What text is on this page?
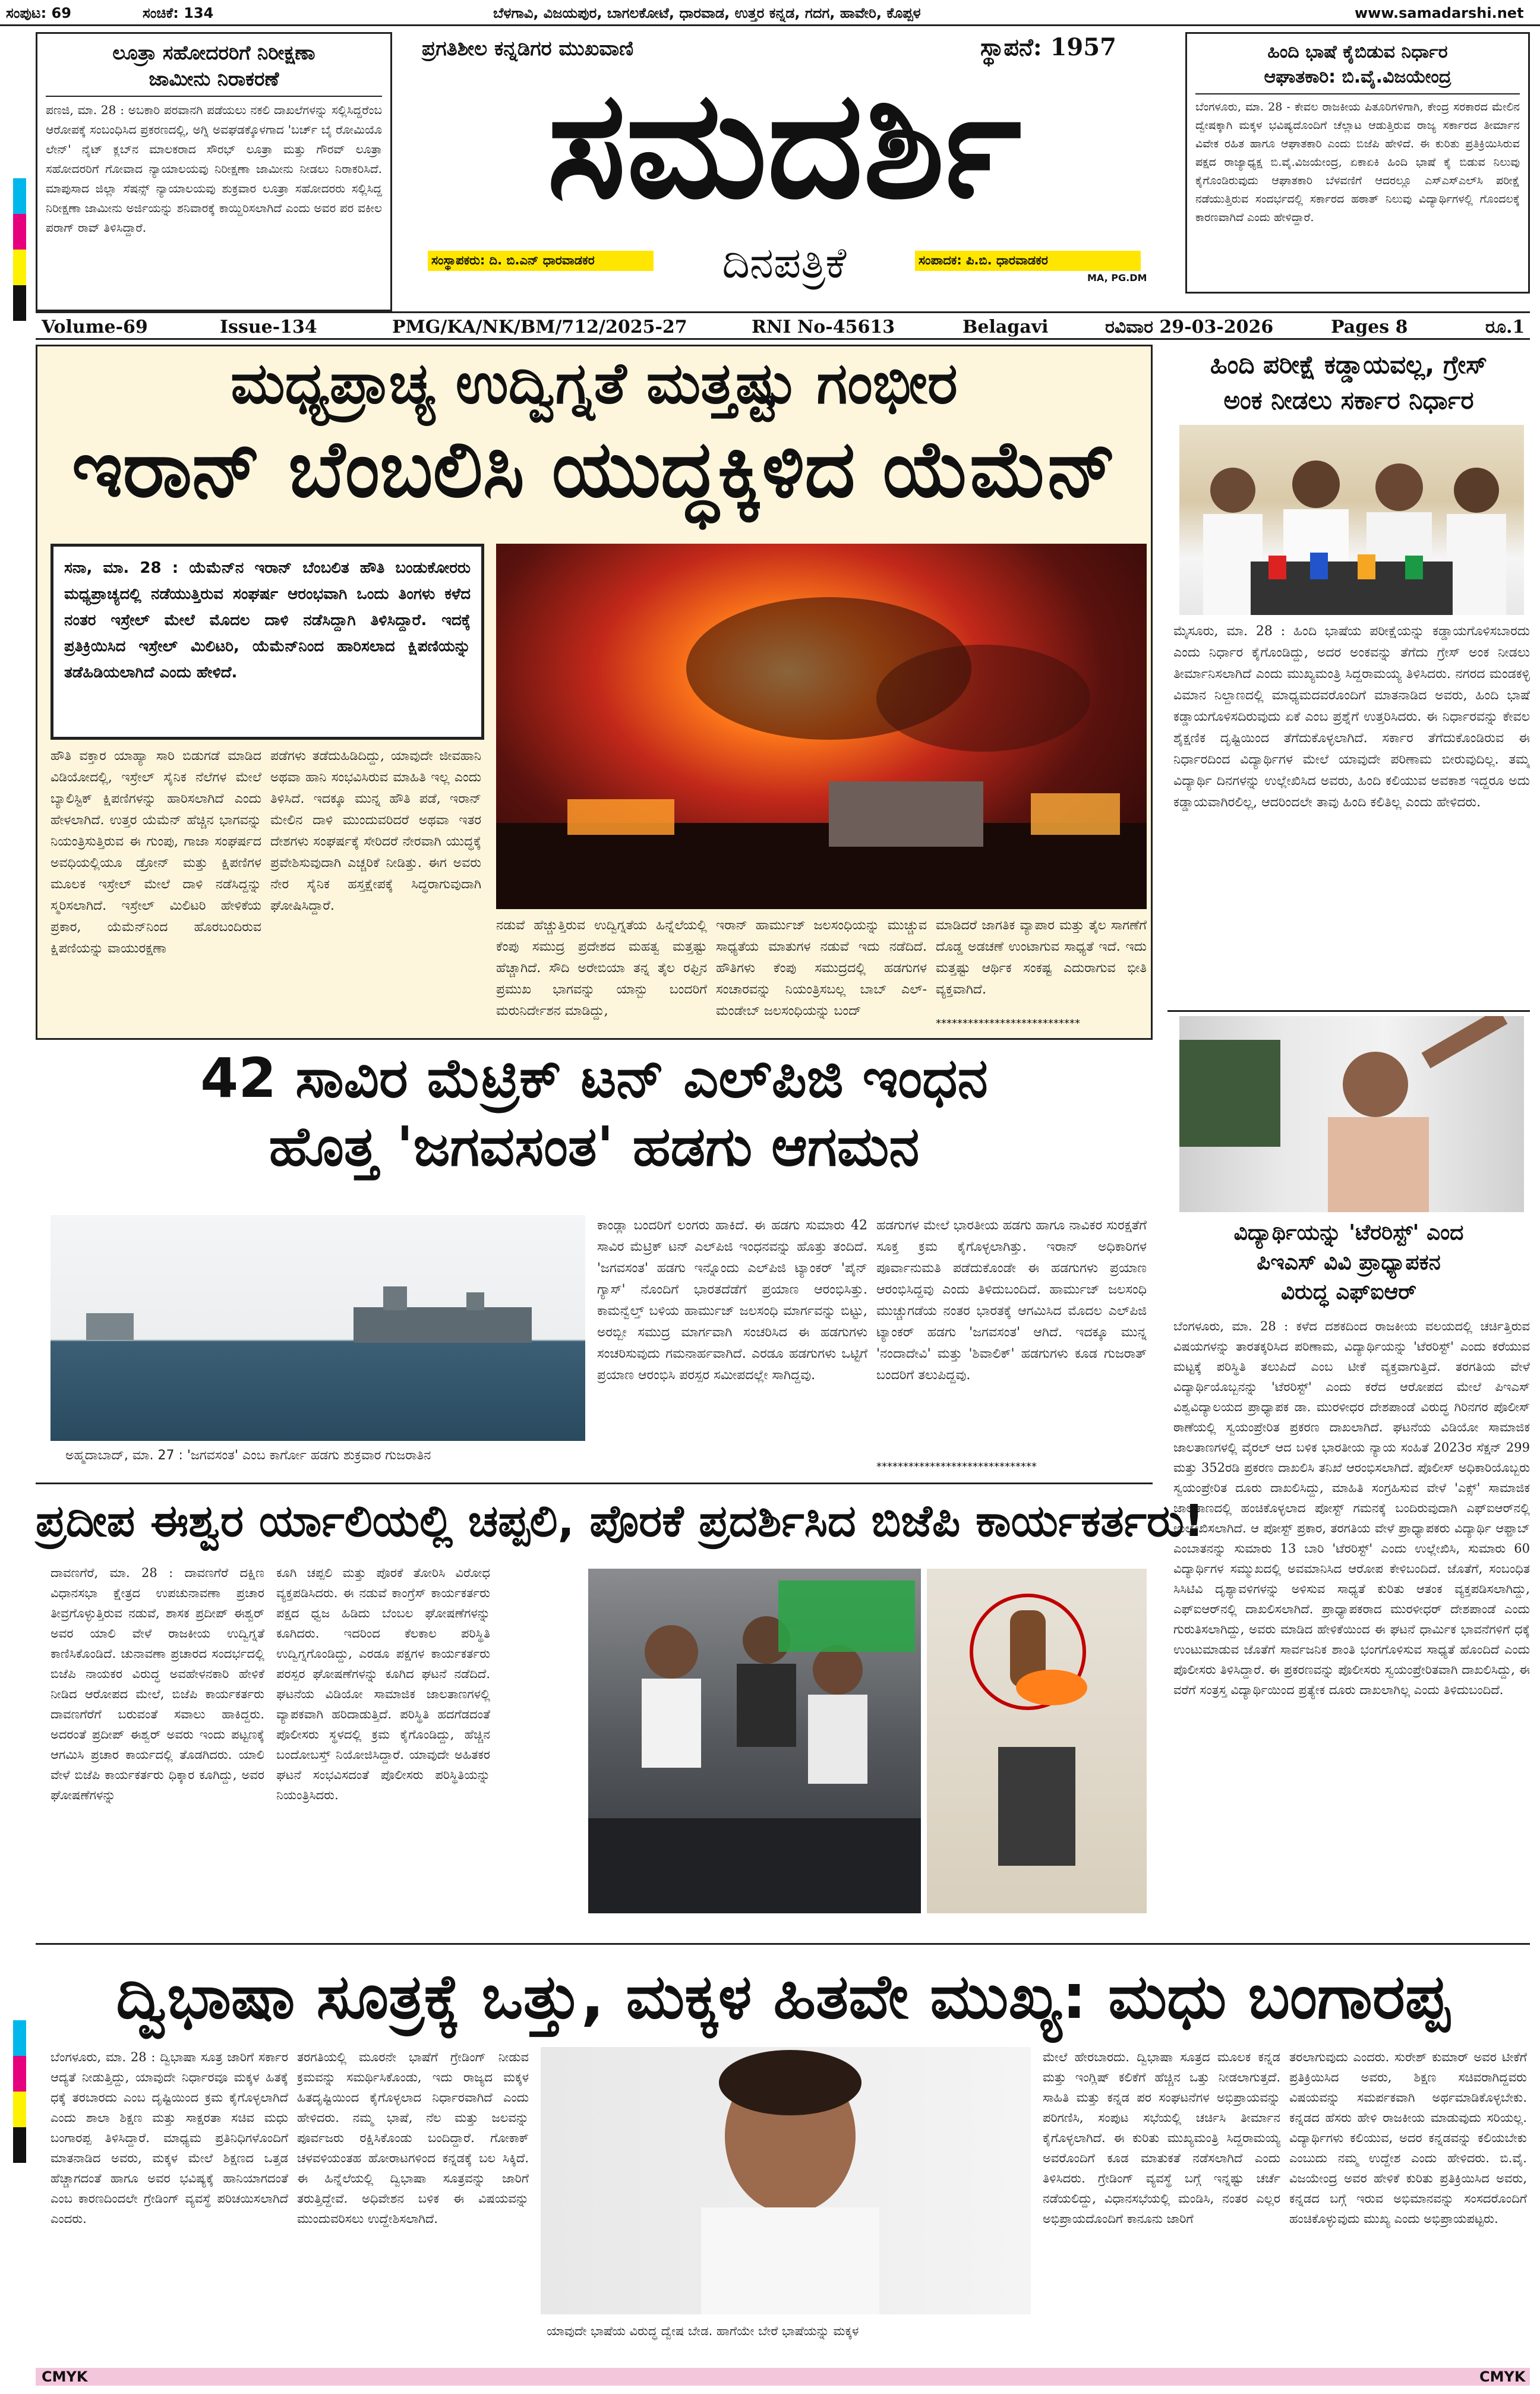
ಸಂಪುಟ: 69	ಸಂಚಿಕೆ: 134	ಬೆಳಗಾವಿ, ವಿಜಯಪುರ, ಬಾಗಲಕೋಟೆ, ಧಾರವಾಡ, ಉತ್ತರ ಕನ್ನಡ, ಗದಗ, ಹಾವೇರಿ, ಕೊಪ್ಪಳ	www.samadarshi.net
ಲೂತ್ರಾ ಸಹೋದರರಿಗೆ ನಿರೀಕ್ಷಣಾ
ಜಾಮೀನು ನಿರಾಕರಣೆ
ಪಣಜಿ, ಮಾ. 28 : ಅಬಕಾರಿ ಪರವಾನಗಿ ಪಡೆಯಲು ನಕಲಿ ದಾಖಲೆಗಳನ್ನು ಸಲ್ಲಿಸಿದ್ದರೆಂಬ ಆರೋಪಕ್ಕೆ ಸಂಬಂಧಿಸಿದ ಪ್ರಕರಣದಲ್ಲಿ, ಅಗ್ನಿ ಅವಘಡಕ್ಕೊಳಗಾದ 'ಬರ್ಚ್ ಬೈ ರೋಮಿಯೊ ಲೇನ್' ನೈಟ್ ಕ್ಲಬ್‌ನ ಮಾಲಕರಾದ ಸೌರಭ್ ಲೂತ್ರಾ ಮತ್ತು ಗೌರವ್ ಲೂತ್ರಾ ಸಹೋದರರಿಗೆ ಗೋವಾದ ನ್ಯಾಯಾಲಯವು ನಿರೀಕ್ಷಣಾ ಜಾಮೀನು ನೀಡಲು ನಿರಾಕರಿಸಿದೆ. ಮಾಪುಸಾದ ಜಿಲ್ಲಾ ಸೆಷನ್ಸ್ ನ್ಯಾಯಾಲಯವು ಶುಕ್ರವಾರ ಲೂತ್ರಾ ಸಹೋದರರು ಸಲ್ಲಿಸಿದ್ದ ನಿರೀಕ್ಷಣಾ ಜಾಮೀನು ಅರ್ಜಿಯನ್ನು ಶನಿವಾರಕ್ಕೆ ಕಾಯ್ದಿರಿಸಲಾಗಿದೆ ಎಂದು ಅವರ ಪರ ವಕೀಲ ಪರಾಗ್ ರಾವ್ ತಿಳಿಸಿದ್ದಾರೆ.
ಪ್ರಗತಿಶೀಲ ಕನ್ನಡಿಗರ ಮುಖವಾಣಿ	ಸ್ಥಾಪನೆ: 1957
ಸಮದರ್ಶಿ
ಸಂಸ್ಥಾಪಕರು: ದಿ. ಬಿ.ಎನ್ ಧಾರವಾಡಕರ	ದಿನಪತ್ರಿಕೆ	ಸಂಪಾದಕ: ಪಿ.ಬಿ. ಧಾರವಾಡಕರ
MA, PG.DM
ಹಿಂದಿ ಭಾಷೆ ಕೈಬಿಡುವ ನಿರ್ಧಾರ
ಆಘಾತಕಾರಿ: ಬಿ.ವೈ.ವಿಜಯೇಂದ್ರ
ಬೆಂಗಳೂರು, ಮಾ. 28 - ಕೇವಲ ರಾಜಕೀಯ ಪಿತೂರಿಗಳಿಗಾಗಿ, ಕೇಂದ್ರ ಸರಕಾರದ ಮೇಲಿನ ದ್ವೇಷಕ್ಕಾಗಿ ಮಕ್ಕಳ ಭವಿಷ್ಯದೊಂದಿಗೆ ಚೆಲ್ಲಾಟ ಆಡುತ್ತಿರುವ ರಾಜ್ಯ ಸರ್ಕಾರದ ತೀರ್ಮಾನ ವಿವೇಕ ರಹಿತ ಹಾಗೂ ಆಘಾತಕಾರಿ ಎಂದು ಬಿಜೆಪಿ ಹೇಳಿದೆ. ಈ ಕುರಿತು ಪ್ರತಿಕ್ರಿಯಿಸಿರುವ ಪಕ್ಷದ ರಾಜ್ಯಾಧ್ಯಕ್ಷ ಬಿ.ವೈ.ವಿಜಯೇಂದ್ರ, ಏಕಾಏಕಿ ಹಿಂದಿ ಭಾಷೆ ಕೈ ಬಿಡುವ ನಿಲುವು ಕೈಗೊಂಡಿರುವುದು ಆಘಾತಕಾರಿ ಬೆಳವಣಿಗೆ ಆದರಲ್ಲೂ ಎಸ್ಎಸ್ಎಲ್‌ಸಿ ಪರೀಕ್ಷೆ ನಡೆಯುತ್ತಿರುವ ಸಂದರ್ಭದಲ್ಲಿ ಸರ್ಕಾರದ ಹಠಾತ್ ನಿಲುವು ವಿದ್ಯಾರ್ಥಿಗಳಲ್ಲಿ ಗೊಂದಲಕ್ಕೆ ಕಾರಣವಾಗಿದೆ ಎಂದು ಹೇಳಿದ್ದಾರೆ.
Volume-69	Issue-134	PMG/KA/NK/BM/712/2025-27	RNI No-45613	Belagavi	ರವಿವಾರ 29-03-2026	Pages 8	ರೂ.1
ಮಧ್ಯಪ್ರಾಚ್ಯ ಉದ್ವಿಗ್ನತೆ ಮತ್ತಷ್ಟು ಗಂಭೀರ
ಇರಾನ್ ಬೆಂಬಲಿಸಿ ಯುದ್ಧಕ್ಕಿಳಿದ ಯೆಮೆನ್
ಸನಾ, ಮಾ. 28 : ಯೆಮೆನ್‌ನ ಇರಾನ್ ಬೆಂಬಲಿತ ಹೌತಿ ಬಂಡುಕೋರರು ಮಧ್ಯಪ್ರಾಚ್ಯದಲ್ಲಿ ನಡೆಯುತ್ತಿರುವ ಸಂಘರ್ಷ ಆರಂಭವಾಗಿ ಒಂದು ತಿಂಗಳು ಕಳೆದ ನಂತರ ಇಸ್ರೇಲ್ ಮೇಲೆ ಮೊದಲ ದಾಳಿ ನಡೆಸಿದ್ದಾಗಿ ತಿಳಿಸಿದ್ದಾರೆ. ಇದಕ್ಕೆ ಪ್ರತಿಕ್ರಿಯಿಸಿದ ಇಸ್ರೇಲ್ ಮಿಲಿಟರಿ, ಯೆಮೆನ್‌ನಿಂದ ಹಾರಿಸಲಾದ ಕ್ಷಿಪಣಿಯನ್ನು ತಡೆಹಿಡಿಯಲಾಗಿದೆ ಎಂದು ಹೇಳಿದೆ.
ಹೌತಿ ವಕ್ತಾರ ಯಾಹ್ಯಾ ಸಾರಿ ಬಿಡುಗಡೆ ಮಾಡಿದ ವಿಡಿಯೋದಲ್ಲಿ, ಇಸ್ರೇಲ್ ಸೈನಿಕ ನೆಲೆಗಳ ಮೇಲೆ ಬ್ಯಾಲಿಸ್ಟಿಕ್ ಕ್ಷಿಪಣಿಗಳನ್ನು ಹಾರಿಸಲಾಗಿದೆ ಎಂದು ಹೇಳಲಾಗಿದೆ. ಉತ್ತರ ಯೆಮೆನ್ ಹೆಚ್ಚಿನ ಭಾಗವನ್ನು ನಿಯಂತ್ರಿಸುತ್ತಿರುವ ಈ ಗುಂಪು, ಗಾಜಾ ಸಂಘರ್ಷದ ಅವಧಿಯಲ್ಲಿಯೂ ಡ್ರೋನ್ ಮತ್ತು ಕ್ಷಿಪಣಿಗಳ ಮೂಲಕ ಇಸ್ರೇಲ್ ಮೇಲೆ ದಾಳಿ ನಡೆಸಿದ್ದನ್ನು ಸ್ಮರಿಸಲಾಗಿದೆ. ಇಸ್ರೇಲ್ ಮಿಲಿಟರಿ ಹೇಳಿಕೆಯ ಪ್ರಕಾರ, ಯೆಮೆನ್‌ನಿಂದ ಹೊರಬಂದಿರುವ ಕ್ಷಿಪಣಿಯನ್ನು ವಾಯುರಕ್ಷಣಾ
ಪಡೆಗಳು ತಡೆದುಹಿಡಿದಿದ್ದು, ಯಾವುದೇ ಜೀವಹಾನಿ ಅಥವಾ ಹಾನಿ ಸಂಭವಿಸಿರುವ ಮಾಹಿತಿ ಇಲ್ಲ ಎಂದು ತಿಳಿಸಿದೆ. ಇದಕ್ಕೂ ಮುನ್ನ ಹೌತಿ ಪಡೆ, ಇರಾನ್ ಮೇಲಿನ ದಾಳಿ ಮುಂದುವರಿದರೆ ಅಥವಾ ಇತರ ದೇಶಗಳು ಸಂಘರ್ಷಕ್ಕೆ ಸೇರಿದರೆ ನೇರವಾಗಿ ಯುದ್ಧಕ್ಕೆ ಪ್ರವೇಶಿಸುವುದಾಗಿ ಎಚ್ಚರಿಕೆ ನೀಡಿತ್ತು. ಈಗ ಅವರು ನೇರ ಸೈನಿಕ ಹಸ್ತಕ್ಷೇಪಕ್ಕೆ ಸಿದ್ಧರಾಗುವುದಾಗಿ ಘೋಷಿಸಿದ್ದಾರೆ.
ನಡುವೆ ಹೆಚ್ಚುತ್ತಿರುವ ಉದ್ವಿಗ್ನತೆಯ ಹಿನ್ನೆಲೆಯಲ್ಲಿ ಕೆಂಪು ಸಮುದ್ರ ಪ್ರದೇಶದ ಮಹತ್ವ ಮತ್ತಷ್ಟು ಹೆಚ್ಚಾಗಿದೆ. ಸೌದಿ ಅರೇಬಿಯಾ ತನ್ನ ತೈಲ ರಫ್ತಿನ ಪ್ರಮುಖ ಭಾಗವನ್ನು ಯಾನ್ಬು ಬಂದರಿಗೆ ಮರುನಿರ್ದೇಶನ ಮಾಡಿದ್ದು,
ಇರಾನ್ ಹಾರ್ಮುಜ್ ಜಲಸಂಧಿಯನ್ನು ಮುಚ್ಚುವ ಸಾಧ್ಯತೆಯ ಮಾತುಗಳ ನಡುವೆ ಇದು ನಡೆದಿದೆ. ಹೌತಿಗಳು ಕೆಂಪು ಸಮುದ್ರದಲ್ಲಿ ಹಡಗುಗಳ ಸಂಚಾರವನ್ನು ನಿಯಂತ್ರಿಸಬಲ್ಲ ಬಾಬ್ ಎಲ್-ಮಂಡೇಬ್ ಜಲಸಂಧಿಯನ್ನು ಬಂದ್
ಮಾಡಿದರೆ ಜಾಗತಿಕ ವ್ಯಾಪಾರ ಮತ್ತು ತೈಲ ಸಾಗಣೆಗೆ ದೊಡ್ಡ ಅಡಚಣೆ ಉಂಟಾಗುವ ಸಾಧ್ಯತೆ ಇದೆ. ಇದು ಮತ್ತಷ್ಟು ಆರ್ಥಿಕ ಸಂಕಷ್ಟ ಎದುರಾಗುವ ಭೀತಿ ವ್ಯಕ್ತವಾಗಿದೆ.
***************************
ಹಿಂದಿ ಪರೀಕ್ಷೆ ಕಡ್ಡಾಯವಲ್ಲ, ಗ್ರೇಸ್
ಅಂಕ ನೀಡಲು ಸರ್ಕಾರ ನಿರ್ಧಾರ
ಮೈಸೂರು, ಮಾ. 28 : ಹಿಂದಿ ಭಾಷೆಯ ಪರೀಕ್ಷೆಯನ್ನು ಕಡ್ಡಾಯಗೊಳಿಸಬಾರದು ಎಂದು ನಿರ್ಧಾರ ಕೈಗೊಂಡಿದ್ದು, ಅದರ ಅಂಕವನ್ನು ತೆಗೆದು ಗ್ರೇಸ್ ಅಂಕ ನೀಡಲು ತೀರ್ಮಾನಿಸಲಾಗಿದೆ ಎಂದು ಮುಖ್ಯಮಂತ್ರಿ ಸಿದ್ದರಾಮಯ್ಯ ತಿಳಿಸಿದರು. ನಗರದ ಮಂಡಕಳ್ಳಿ ವಿಮಾನ ನಿಲ್ದಾಣದಲ್ಲಿ ಮಾಧ್ಯಮದವರೊಂದಿಗೆ ಮಾತನಾಡಿದ ಅವರು, ಹಿಂದಿ ಭಾಷೆ ಕಡ್ಡಾಯಗೊಳಿಸದಿರುವುದು ಏಕೆ ಎಂಬ ಪ್ರಶ್ನೆಗೆ ಉತ್ತರಿಸಿದರು. ಈ ನಿರ್ಧಾರವನ್ನು ಕೇವಲ ಶೈಕ್ಷಣಿಕ ದೃಷ್ಟಿಯಿಂದ ತೆಗೆದುಕೊಳ್ಳಲಾಗಿದೆ. ಸರ್ಕಾರ ತೆಗೆದುಕೊಂಡಿರುವ ಈ ನಿರ್ಧಾರದಿಂದ ವಿದ್ಯಾರ್ಥಿಗಳ ಮೇಲೆ ಯಾವುದೇ ಪರಿಣಾಮ ಬೀರುವುದಿಲ್ಲ. ತಮ್ಮ ವಿದ್ಯಾರ್ಥಿ ದಿನಗಳನ್ನು ಉಲ್ಲೇಖಿಸಿದ ಅವರು, ಹಿಂದಿ ಕಲಿಯುವ ಅವಕಾಶ ಇದ್ದರೂ ಅದು ಕಡ್ಡಾಯವಾಗಿರಲಿಲ್ಲ, ಆದರಿಂದಲೇ ತಾವು ಹಿಂದಿ ಕಲಿತಿಲ್ಲ ಎಂದು ಹೇಳಿದರು.
ವಿದ್ಯಾರ್ಥಿಯನ್ನು 'ಟೆರರಿಸ್ಟ್' ಎಂದ
ಪಿಇಎಸ್ ವಿವಿ ಪ್ರಾಧ್ಯಾಪಕನ
ವಿರುದ್ಧ ಎಫ್‌ಐಆರ್
ಬೆಂಗಳೂರು, ಮಾ. 28 : ಕಳೆದ ದಶಕದಿಂದ ರಾಜಕೀಯ ವಲಯದಲ್ಲಿ ಚರ್ಚಿತ್ತಿರುವ ವಿಷಯಗಳನ್ನು ತಾರತಕ್ಕರಿಸಿದ ಪರಿಣಾಮ, ವಿದ್ಯಾರ್ಥಿಯನ್ನು 'ಟೆರರಿಸ್ಟ್' ಎಂದು ಕರೆಯುವ ಮಟ್ಟಕ್ಕೆ ಪರಿಸ್ಥಿತಿ ತಲುಪಿದೆ ಎಂಬ ಟೀಕೆ ವ್ಯಕ್ತವಾಗುತ್ತಿದೆ. ತರಗತಿಯ ವೇಳೆ ವಿದ್ಯಾರ್ಥಿಯೊಬ್ಬನನ್ನು 'ಟೆರರಿಸ್ಟ್' ಎಂದು ಕರೆದ ಆರೋಪದ ಮೇಲೆ ಪಿಇಎಸ್ ವಿಶ್ವವಿದ್ಯಾಲಯದ ಪ್ರಾಧ್ಯಾಪಕ ಡಾ. ಮುರಳೀಧರ ದೇಶಪಾಂಡೆ ವಿರುದ್ಧ ಗಿರಿನಗರ ಪೊಲೀಸ್ ಠಾಣೆಯಲ್ಲಿ ಸ್ವಯಂಪ್ರೇರಿತ ಪ್ರಕರಣ ದಾಖಲಾಗಿದೆ. ಘಟನೆಯ ವಿಡಿಯೋ ಸಾಮಾಜಿಕ ಜಾಲತಾಣಗಳಲ್ಲಿ ವೈರಲ್ ಆದ ಬಳಿಕ ಭಾರತೀಯ ನ್ಯಾಯ ಸಂಹಿತೆ 2023ರ ಸೆಕ್ಷನ್ 299 ಮತ್ತು 352ರಡಿ ಪ್ರಕರಣ ದಾಖಲಿಸಿ ತನಿಖೆ ಆರಂಭಿಸಲಾಗಿದೆ. ಪೊಲೀಸ್ ಅಧಿಕಾರಿಯೊಬ್ಬರು ಸ್ವಯಂಪ್ರೇರಿತ ದೂರು ದಾಖಲಿಸಿದ್ದು, ಮಾಹಿತಿ ಸಂಗ್ರಹಿಸುವ ವೇಳೆ 'ಎಕ್ಸ್' ಸಾಮಾಜಿಕ ಜಾಲತಾಣದಲ್ಲಿ ಹಂಚಿಕೊಳ್ಳಲಾದ ಪೋಸ್ಟ್ ಗಮನಕ್ಕೆ ಬಂದಿರುವುದಾಗಿ ಎಫ್‌ಐಆರ್‌ನಲ್ಲಿ ಉಲ್ಲೇಖಿಸಲಾಗಿದೆ. ಆ ಪೋಸ್ಟ್ ಪ್ರಕಾರ, ತರಗತಿಯ ವೇಳೆ ಪ್ರಾಧ್ಯಾಪಕರು ವಿದ್ಯಾರ್ಥಿ ಆಫ್ತಾಬ್ ಎಂಬಾತನನ್ನು ಸುಮಾರು 13 ಬಾರಿ 'ಟೆರರಿಸ್ಟ್' ಎಂದು ಉಲ್ಲೇಖಿಸಿ, ಸುಮಾರು 60 ವಿದ್ಯಾರ್ಥಿಗಳ ಸಮ್ಮುಖದಲ್ಲಿ ಅವಮಾನಿಸಿದ ಆರೋಪ ಕೇಳಿಬಂದಿದೆ. ಜೊತೆಗೆ, ಸಂಬಂಧಿತ ಸಿಸಿಟಿವಿ ದೃಶ್ಯಾವಳಿಗಳನ್ನು ಅಳಿಸುವ ಸಾಧ್ಯತೆ ಕುರಿತು ಆತಂಕ ವ್ಯಕ್ತಪಡಿಸಲಾಗಿದ್ದು, ಎಫ್‌ಐಆರ್‌ನಲ್ಲಿ ದಾಖಲಿಸಲಾಗಿದೆ. ಪ್ರಾಧ್ಯಾಪಕರಾದ ಮುರಳೀಧರ್ ದೇಶಪಾಂಡೆ ಎಂದು ಗುರುತಿಸಲಾಗಿದ್ದು, ಅವರು ಮಾಡಿದ ಹೇಳಿಕೆಯಿಂದ ಈ ಘಟನೆ ಧಾರ್ಮಿಕ ಭಾವನೆಗಳಿಗೆ ಧಕ್ಕೆ ಉಂಟುಮಾಡುವ ಜೊತೆಗೆ ಸಾರ್ವಜನಿಕ ಶಾಂತಿ ಭಂಗಗೊಳಿಸುವ ಸಾಧ್ಯತೆ ಹೊಂದಿದೆ ಎಂದು ಪೊಲೀಸರು ತಿಳಿಸಿದ್ದಾರೆ. ಈ ಪ್ರಕರಣವನ್ನು ಪೊಲೀಸರು ಸ್ವಯಂಪ್ರೇರಿತವಾಗಿ ದಾಖಲಿಸಿದ್ದು, ಈ ವರೆಗೆ ಸಂತ್ರಸ್ತ ವಿದ್ಯಾರ್ಥಿಯಿಂದ ಪ್ರತ್ಯೇಕ ದೂರು ದಾಖಲಾಗಿಲ್ಲ ಎಂದು ತಿಳಿದುಬಂದಿದೆ.
42 ಸಾವಿರ ಮೆಟ್ರಿಕ್ ಟನ್ ಎಲ್‌ಪಿಜಿ ಇಂಧನ
ಹೊತ್ತ 'ಜಗವಸಂತ' ಹಡಗು ಆಗಮನ
ಅಹ್ಮದಾಬಾದ್, ಮಾ. 27 : 'ಜಗವಸಂತ' ಎಂಬ ಕಾರ್ಗೋ ಹಡಗು ಶುಕ್ರವಾರ ಗುಜರಾತಿನ
ಕಾಂಡ್ಲಾ ಬಂದರಿಗೆ ಲಂಗರು ಹಾಕಿದೆ. ಈ ಹಡಗು ಸುಮಾರು 42 ಸಾವಿರ ಮೆಟ್ರಿಕ್ ಟನ್ ಎಲ್‌ಪಿಜಿ ಇಂಧನವನ್ನು ಹೊತ್ತು ತಂದಿದೆ. 'ಜಗವಸಂತ' ಹಡಗು ಇನ್ನೊಂದು ಎಲ್‌ಪಿಜಿ ಟ್ಯಾಂಕರ್ 'ಪೈನ್ ಗ್ಯಾಸ್' ನೊಂದಿಗೆ ಭಾರತದೆಡೆಗೆ ಪ್ರಯಾಣ ಆರಂಭಿಸಿತ್ತು. ಕಾಮನ್ವೆಲ್ತ್ ಬಳಿಯ ಹಾರ್ಮುಜ್ ಜಲಸಂಧಿ ಮಾರ್ಗವನ್ನು ಬಿಟ್ಟು, ಅರಬ್ಬೀ ಸಮುದ್ರ ಮಾರ್ಗವಾಗಿ ಸಂಚರಿಸಿದ ಈ ಹಡಗುಗಳು ಸಂಚರಿಸುವುದು ಗಮನಾರ್ಹವಾಗಿದೆ. ಎರಡೂ ಹಡಗುಗಳು ಒಟ್ಟಿಗೆ ಪ್ರಯಾಣ ಆರಂಭಿಸಿ ಪರಸ್ಪರ ಸಮೀಪದಲ್ಲೇ ಸಾಗಿದ್ದವು.
ಹಡಗುಗಳ ಮೇಲೆ ಭಾರತೀಯ ಹಡಗು ಹಾಗೂ ನಾವಿಕರ ಸುರಕ್ಷತೆಗೆ ಸೂಕ್ತ ಕ್ರಮ ಕೈಗೊಳ್ಳಲಾಗಿತ್ತು. ಇರಾನ್ ಅಧಿಕಾರಿಗಳ ಪೂರ್ವಾನುಮತಿ ಪಡೆದುಕೊಂಡೇ ಈ ಹಡಗುಗಳು ಪ್ರಯಾಣ ಆರಂಭಿಸಿದ್ದವು ಎಂದು ತಿಳಿದುಬಂದಿದೆ. ಹಾರ್ಮುಜ್ ಜಲಸಂಧಿ ಮುಚ್ಚುಗಡೆಯ ನಂತರ ಭಾರತಕ್ಕೆ ಆಗಮಿಸಿದ ಮೊದಲ ಎಲ್‌ಪಿಜಿ ಟ್ಯಾಂಕರ್ ಹಡಗು 'ಜಗವಸಂತ' ಆಗಿದೆ. ಇದಕ್ಕೂ ಮುನ್ನ 'ನಂದಾದೇವಿ' ಮತ್ತು 'ಶಿವಾಲಿಕ್' ಹಡಗುಗಳು ಕೂಡ ಗುಜರಾತ್ ಬಂದರಿಗೆ ತಲುಪಿದ್ದವು.
******************************
ಪ್ರದೀಪ ಈಶ್ವರ ರ್ಯಾಲಿಯಲ್ಲಿ ಚಪ್ಪಲಿ, ಪೊರಕೆ ಪ್ರದರ್ಶಿಸಿದ ಬಿಜೆಪಿ ಕಾರ್ಯಕರ್ತರು!
ದಾವಣಗೆರೆ, ಮಾ. 28 : ದಾವಣಗೆರೆ ದಕ್ಷಿಣ ವಿಧಾನಸಭಾ ಕ್ಷೇತ್ರದ ಉಪಚುನಾವಣಾ ಪ್ರಚಾರ ತೀವ್ರಗೊಳ್ಳುತ್ತಿರುವ ನಡುವೆ, ಶಾಸಕ ಪ್ರದೀಪ್ ಈಶ್ವರ್ ಅವರ ಯಾಲಿ ವೇಳೆ ರಾಜಕೀಯ ಉದ್ವಿಗ್ನತೆ ಕಾಣಿಸಿಕೊಂಡಿದೆ. ಚುನಾವಣಾ ಪ್ರಚಾರದ ಸಂದರ್ಭದಲ್ಲಿ ಬಿಜೆಪಿ ನಾಯಕರ ವಿರುದ್ಧ ಅವಹೇಳನಕಾರಿ ಹೇಳಿಕೆ ನೀಡಿದ ಆರೋಪದ ಮೇಲೆ, ಬಿಜೆಪಿ ಕಾರ್ಯಕರ್ತರು ದಾವಣಗೆರೆಗೆ ಬರುವಂತೆ ಸವಾಲು ಹಾಕಿದ್ದರು. ಅದರಂತೆ ಪ್ರದೀಪ್ ಈಶ್ವರ್ ಅವರು ಇಂದು ಪಟ್ಟಣಕ್ಕೆ ಆಗಮಿಸಿ ಪ್ರಚಾರ ಕಾರ್ಯದಲ್ಲಿ ತೊಡಗಿದರು. ಯಾಲಿ ವೇಳೆ ಬಿಜೆಪಿ ಕಾರ್ಯಕರ್ತರು ಧಿಕ್ಕಾರ ಕೂಗಿದ್ದು, ಅವರ ಘೋಷಣೆಗಳನ್ನು
ಕೂಗಿ ಚಪ್ಪಲಿ ಮತ್ತು ಪೊರಕೆ ತೋರಿಸಿ ವಿರೋಧ ವ್ಯಕ್ತಪಡಿಸಿದರು. ಈ ನಡುವೆ ಕಾಂಗ್ರೆಸ್ ಕಾರ್ಯಕರ್ತರು ಪಕ್ಷದ ಧ್ವಜ ಹಿಡಿದು ಬೆಂಬಲ ಘೋಷಣೆಗಳನ್ನು ಕೂಗಿದರು. ಇದರಿಂದ ಕೆಲಕಾಲ ಪರಿಸ್ಥಿತಿ ಉದ್ವಿಗ್ನಗೊಂಡಿದ್ದು, ಎರಡೂ ಪಕ್ಷಗಳ ಕಾರ್ಯಕರ್ತರು ಪರಸ್ಪರ ಘೋಷಣೆಗಳನ್ನು ಕೂಗಿದ ಘಟನೆ ನಡೆದಿದೆ. ಘಟನೆಯ ವಿಡಿಯೋ ಸಾಮಾಜಿಕ ಜಾಲತಾಣಗಳಲ್ಲಿ ವ್ಯಾಪಕವಾಗಿ ಹರಿದಾಡುತ್ತಿದೆ. ಪರಿಸ್ಥಿತಿ ಹದಗೆಡದಂತೆ ಪೊಲೀಸರು ಸ್ಥಳದಲ್ಲಿ ಕ್ರಮ ಕೈಗೊಂಡಿದ್ದು, ಹೆಚ್ಚಿನ ಬಂದೋಬಸ್ತ್ ನಿಯೋಜಿಸಿದ್ದಾರೆ. ಯಾವುದೇ ಅಹಿತಕರ ಘಟನೆ ಸಂಭವಿಸದಂತೆ ಪೊಲೀಸರು ಪರಿಸ್ಥಿತಿಯನ್ನು ನಿಯಂತ್ರಿಸಿದರು.
ದ್ವಿಭಾಷಾ ಸೂತ್ರಕ್ಕೆ ಒತ್ತು, ಮಕ್ಕಳ ಹಿತವೇ ಮುಖ್ಯ: ಮಧು ಬಂಗಾರಪ್ಪ
ಬೆಂಗಳೂರು, ಮಾ. 28 : ದ್ವಿಭಾಷಾ ಸೂತ್ರ ಜಾರಿಗೆ ಸರ್ಕಾರ ಆದ್ಯತೆ ನೀಡುತ್ತಿದ್ದು, ಯಾವುದೇ ನಿರ್ಧಾರವೂ ಮಕ್ಕಳ ಹಿತಕ್ಕೆ ಧಕ್ಕೆ ತರಬಾರದು ಎಂಬ ದೃಷ್ಟಿಯಿಂದ ಕ್ರಮ ಕೈಗೊಳ್ಳಲಾಗಿದೆ ಎಂದು ಶಾಲಾ ಶಿಕ್ಷಣ ಮತ್ತು ಸಾಕ್ಷರತಾ ಸಚಿವ ಮಧು ಬಂಗಾರಪ್ಪ ತಿಳಿಸಿದ್ದಾರೆ. ಮಾಧ್ಯಮ ಪ್ರತಿನಿಧಿಗಳೊಂದಿಗೆ ಮಾತನಾಡಿದ ಅವರು, ಮಕ್ಕಳ ಮೇಲೆ ಶಿಕ್ಷಣದ ಒತ್ತಡ ಹೆಚ್ಚಾಗದಂತೆ ಹಾಗೂ ಅವರ ಭವಿಷ್ಯಕ್ಕೆ ಹಾನಿಯಾಗದಂತೆ ಎಂಬ ಕಾರಣದಿಂದಲೇ ಗ್ರೇಡಿಂಗ್ ವ್ಯವಸ್ಥೆ ಪರಿಚಯಿಸಲಾಗಿದೆ ಎಂದರು.
ತರಗತಿಯಲ್ಲಿ ಮೂರನೇ ಭಾಷೆಗೆ ಗ್ರೇಡಿಂಗ್ ನೀಡುವ ಕ್ರಮವನ್ನು ಸಮರ್ಥಿಸಿಕೊಂಡು, ಇದು ರಾಜ್ಯದ ಮಕ್ಕಳ ಹಿತದೃಷ್ಟಿಯಿಂದ ಕೈಗೊಳ್ಳಲಾದ ನಿರ್ಧಾರವಾಗಿದೆ ಎಂದು ಹೇಳಿದರು. ನಮ್ಮ ಭಾಷೆ, ನೆಲ ಮತ್ತು ಜಲವನ್ನು ಪೂರ್ವಜರು ರಕ್ಷಿಸಿಕೊಂಡು ಬಂದಿದ್ದಾರೆ. ಗೋಕಾಕ್ ಚಳವಳಿಯಂತಹ ಹೋರಾಟಗಳಿಂದ ಕನ್ನಡಕ್ಕೆ ಬಲ ಸಿಕ್ಕಿದೆ. ಈ ಹಿನ್ನೆಲೆಯಲ್ಲಿ ದ್ವಿಭಾಷಾ ಸೂತ್ರವನ್ನು ಜಾರಿಗೆ ತರುತ್ತಿದ್ದೇವೆ. ಅಧಿವೇಶನ ಬಳಿಕ ಈ ವಿಷಯವನ್ನು ಮುಂದುವರಿಸಲು ಉದ್ದೇಶಿಸಲಾಗಿದೆ.
ಯಾವುದೇ ಭಾಷೆಯ ವಿರುದ್ಧ ದ್ವೇಷ ಬೇಡ. ಹಾಗೆಯೇ ಬೇರೆ ಭಾಷೆಯನ್ನು ಮಕ್ಕಳ
ಮೇಲೆ ಹೇರಬಾರದು. ದ್ವಿಭಾಷಾ ಸೂತ್ರದ ಮೂಲಕ ಕನ್ನಡ ಮತ್ತು ಇಂಗ್ಲಿಷ್ ಕಲಿಕೆಗೆ ಹೆಚ್ಚಿನ ಒತ್ತು ನೀಡಲಾಗುತ್ತದೆ. ಸಾಹಿತಿ ಮತ್ತು ಕನ್ನಡ ಪರ ಸಂಘಟನೆಗಳ ಅಭಿಪ್ರಾಯವನ್ನು ಪರಿಗಣಿಸಿ, ಸಂಪುಟ ಸಭೆಯಲ್ಲಿ ಚರ್ಚಿಸಿ ತೀರ್ಮಾನ ಕೈಗೊಳ್ಳಲಾಗಿದೆ. ಈ ಕುರಿತು ಮುಖ್ಯಮಂತ್ರಿ ಸಿದ್ದರಾಮಯ್ಯ ಅವರೊಂದಿಗೆ ಕೂಡ ಮಾತುಕತೆ ನಡೆಸಲಾಗಿದೆ ಎಂದು ತಿಳಿಸಿದರು. ಗ್ರೇಡಿಂಗ್ ವ್ಯವಸ್ಥೆ ಬಗ್ಗೆ ಇನ್ನಷ್ಟು ಚರ್ಚೆ ನಡೆಯಲಿದ್ದು, ವಿಧಾನಸಭೆಯಲ್ಲಿ ಮಂಡಿಸಿ, ನಂತರ ಎಲ್ಲರ ಅಭಿಪ್ರಾಯದೊಂದಿಗೆ ಕಾನೂನು ಜಾರಿಗೆ
ತರಲಾಗುವುದು ಎಂದರು. ಸುರೇಶ್ ಕುಮಾರ್ ಅವರ ಟೀಕೆಗೆ ಪ್ರತಿಕ್ರಿಯಿಸಿದ ಅವರು, ಶಿಕ್ಷಣ ಸಚಿವರಾಗಿದ್ದವರು ವಿಷಯವನ್ನು ಸಮರ್ಪಕವಾಗಿ ಅರ್ಥಮಾಡಿಕೊಳ್ಳಬೇಕು. ಕನ್ನಡದ ಹೆಸರು ಹೇಳಿ ರಾಜಕೀಯ ಮಾಡುವುದು ಸರಿಯಲ್ಲ. ವಿದ್ಯಾರ್ಥಿಗಳು ಕಲಿಯುವ, ಅದರ ಕನ್ನಡವನ್ನು ಕಲಿಯಬೇಕು ಎಂಬುದು ನಮ್ಮ ಉದ್ದೇಶ ಎಂದು ಹೇಳಿದರು. ಬಿ.ವೈ. ವಿಜಯೇಂದ್ರ ಅವರ ಹೇಳಿಕೆ ಕುರಿತು ಪ್ರತಿಕ್ರಿಯಿಸಿದ ಅವರು, ಕನ್ನಡದ ಬಗ್ಗೆ ಇರುವ ಅಭಿಮಾನವನ್ನು ಸಂಸದರೊಂದಿಗೆ ಹಂಚಿಕೊಳ್ಳುವುದು ಮುಖ್ಯ ಎಂದು ಅಭಿಪ್ರಾಯಪಟ್ಟರು.
CMYK	CMYK
